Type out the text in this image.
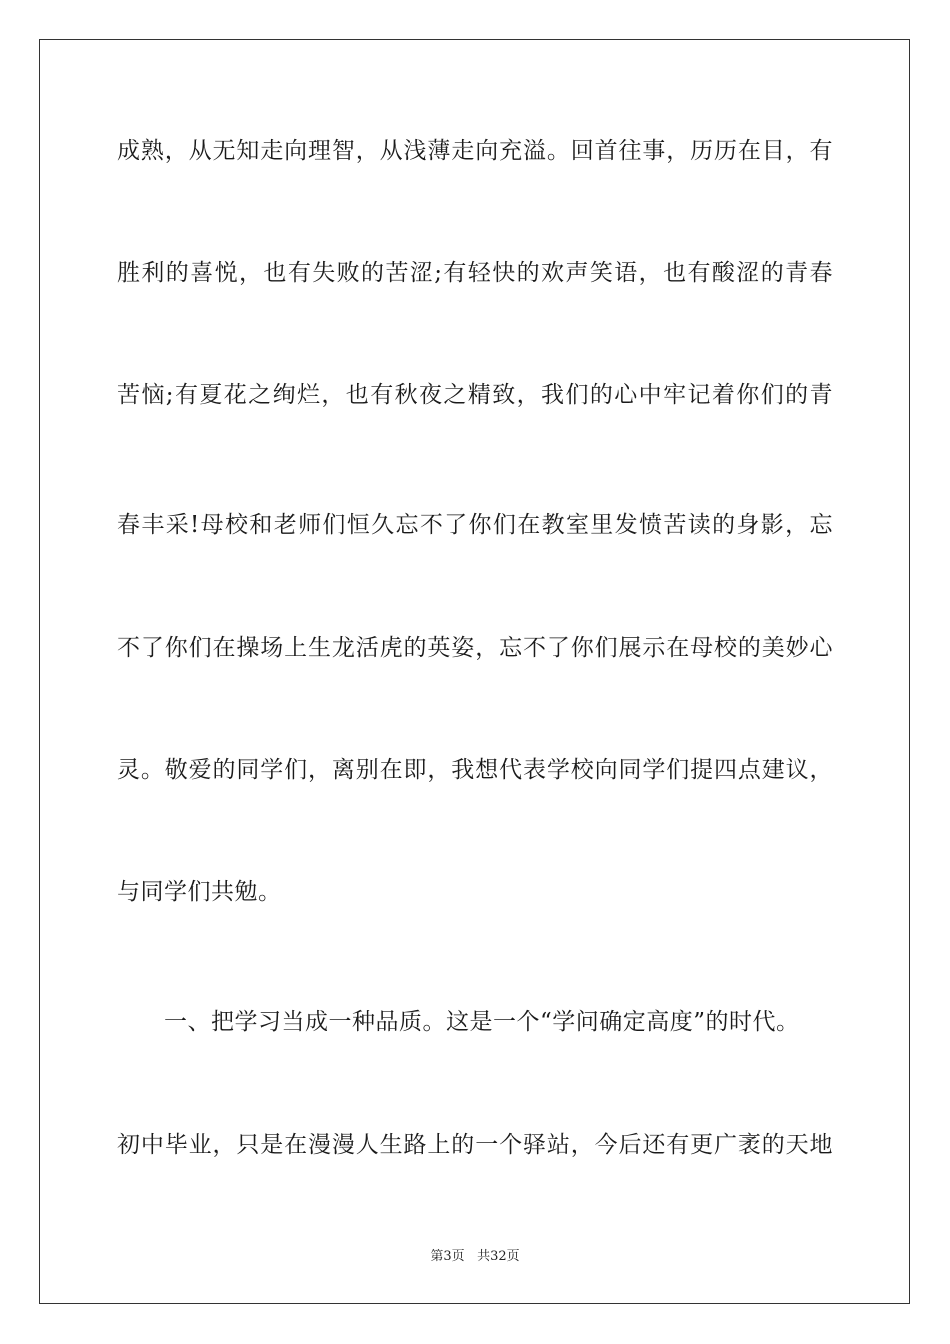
成熟，从无知走向理智，从浅薄走向充溢。回首往事，历历在目，有
胜利的喜悦，也有失败的苦涩;有轻快的欢声笑语，也有酸涩的青春
苦恼;有夏花之绚烂，也有秋夜之精致，我们的心中牢记着你们的青
春丰采!母校和老师们恒久忘不了你们在教室里发愤苦读的身影，忘
不了你们在操场上生龙活虎的英姿，忘不了你们展示在母校的美妙心
灵。敬爱的同学们，离别在即，我想代表学校向同学们提四点建议，
与同学们共勉。
一、把学习当成一种品质。这是一个“学问确定高度”的时代。
初中毕业，只是在漫漫人生路上的一个驿站，今后还有更广袤的天地
第3页 共32页
